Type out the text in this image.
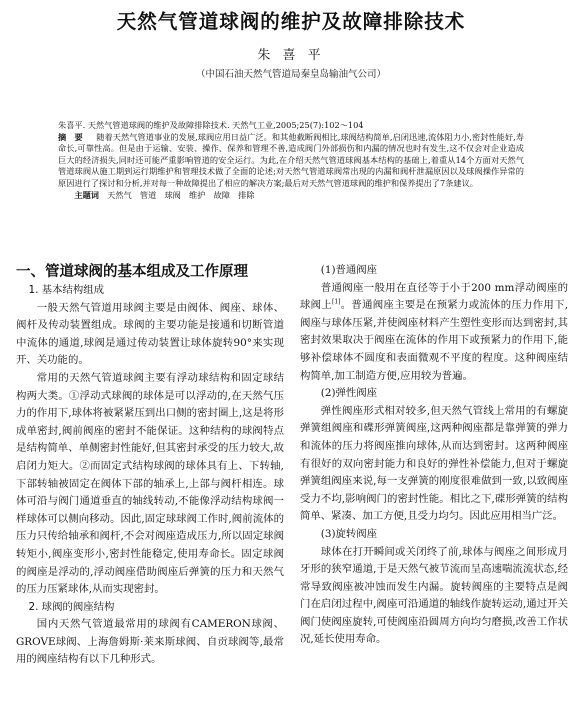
天然气管道球阀的维护及故障排除技术
朱 喜 平
（中国石油天然气管道局秦皇岛输油气公司）

朱喜平. 天然气管道球阀的维护及故障排除技术. 天然气工业,2005;25(7):102～104

摘　要 　 随着天然气管道事业的发展,球阀应用日益广泛。和其他截断阀相比,球阀结构简单,启闭迅速,流体阻力小,密封性能好,寿命长,可靠性高。但是由于运输、安装、操作、保养和管理不善,造成阀门外部损伤和内漏的情况也时有发生,这不仅会对企业造成巨大的经济损失,同时还可能严重影响管道的安全运行。为此,在介绍天然气管道球阀基本结构的基础上,着重从14个方面对天然气管道球阀从施工期到运行期维护和管理技术做了全面的论述;对天然气管道球阀常出现的内漏和阀杆泄漏原因以及球阀操作异常的原因进行了探讨和分析,并对每一种故障提出了相应的解决方案;最后对天然气管道球阀的维护和保养提出了7条建议。

　　主题词　 天然气　管道　球阀　维护　故障　排除

一、管道球阀的基本组成及工作原理

1. 基本结构组成

一般天然气管道用球阀主要是由阀体、阀座、球体、阀杆及传动装置组成。球阀的主要功能是接通和切断管道中流体的通道,球阀是通过传动装置让球体旋转90°来实现开、关功能的。

常用的天然气管道球阀主要有浮动球结构和固定球结构两大类。①浮动式球阀的球体是可以浮动的,在天然气压力的作用下,球体将被紧紧压到出口侧的密封圈上,这是将形成单密封,阀前阀座的密封不能保证。这种结构的球阀特点是结构简单、单侧密封性能好,但其密封承受的压力较大,故启闭力矩大。②而固定式结构球阀的球体具有上、下转轴,下部转轴被固定在阀体下部的轴承上,上部与阀杆相连。球体可沿与阀门通道垂直的轴线转动,不能像浮动结构球阀一样球体可以侧向移动。因此,固定球球阀工作时,阀前流体的压力只传给轴承和阀杆,不会对阀座造成压力,所以固定球阀转矩小,阀座变形小,密封性能稳定,使用寿命长。固定球阀的阀座是浮动的,浮动阀座借助阀座后弹簧的压力和天然气的压力压紧球体,从而实现密封。

2. 球阀的阀座结构

国内天然气管道最常用的球阀有CAMERON球阀、GROVE球阀、上海詹姆斯·莱来斯球阀、自贡球阀等,最常用的阀座结构有以下几种形式。

(1)普通阀座

普通阀座一般用在直径等于小于200 mm浮动阀座的球阀上[1]。普通阀座主要是在预紧力或流体的压力作用下,阀座与球体压紧,并使阀座材料产生塑性变形而达到密封,其密封效果取决于阀座在流体的作用下或预紧力的作用下,能够补偿球体不圆度和表面微观不平度的程度。这种阀座结构简单,加工制造方便,应用较为普遍。

(2)弹性阀座

弹性阀座形式相对较多,但天然气管线上常用的有螺旋弹簧组阀座和碟形弹簧阀座,这两种阀座都是靠弹簧的弹力和流体的压力将阀座推向球体,从而达到密封。这两种阀座有很好的双向密封能力和良好的弹性补偿能力,但对于螺旋弹簧组阀座来说,每一支弹簧的刚度很难做到一致,以致阀座受力不均,影响阀门的密封性能。相比之下,碟形弹簧的结构简单、紧凑、加工方便,且受力均匀。因此应用相当广泛。

(3)旋转阀座

球体在打开瞬间或关闭终了前,球体与阀座之间形成月牙形的狭窄通道,于是天然气被节流而呈高速喘流流状态,经常导致阀座被冲蚀而发生内漏。旋转阀座的主要特点是阀门在启闭过程中,阀座可沿通道的轴线作旋转运动,通过开关阀门使阀座旋转,可使阀座沿圆周方向均匀磨损,改善工作状况,延长使用寿命。
